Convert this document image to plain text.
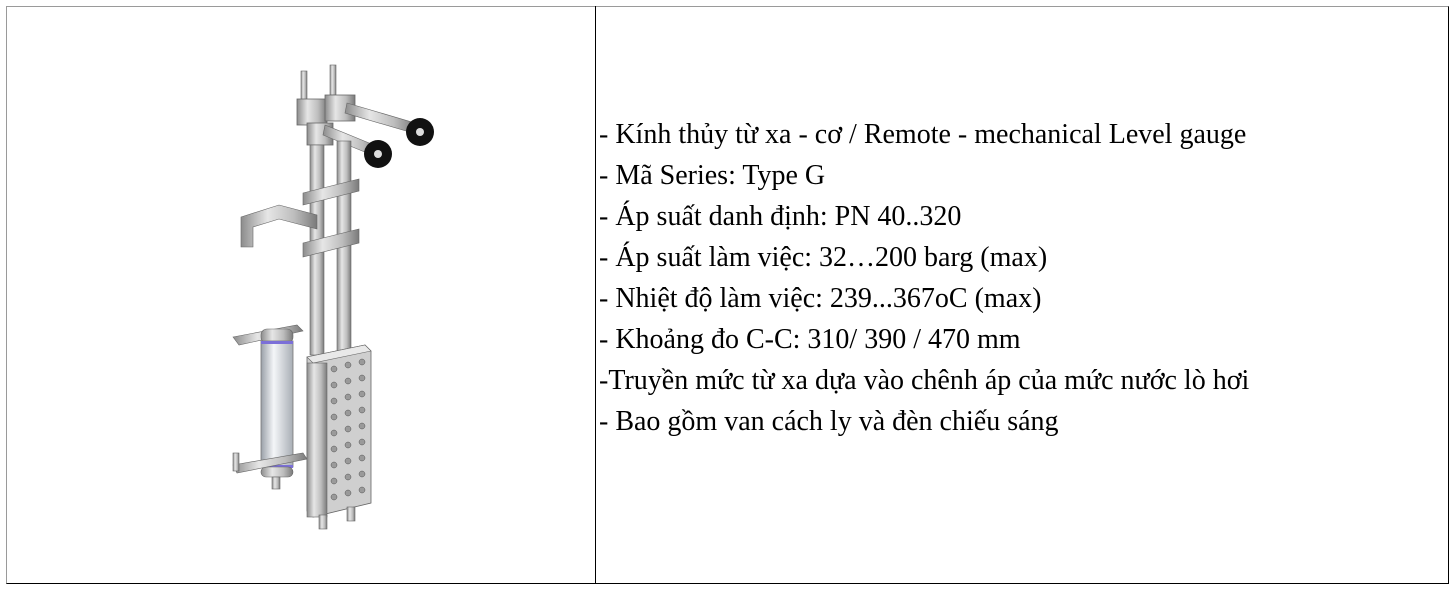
- Kính thủy từ xa - cơ / Remote - mechanical Level gauge
- Mã Series: Type G
- Áp suất danh định: PN 40..320
- Áp suất làm việc: 32…200 barg (max)
- Nhiệt độ làm việc: 239...367oC (max)
- Khoảng đo C-C: 310/ 390 / 470 mm
-Truyền mức từ xa dựa vào chênh áp của mức nước lò hơi
- Bao gồm van cách ly và đèn chiếu sáng
